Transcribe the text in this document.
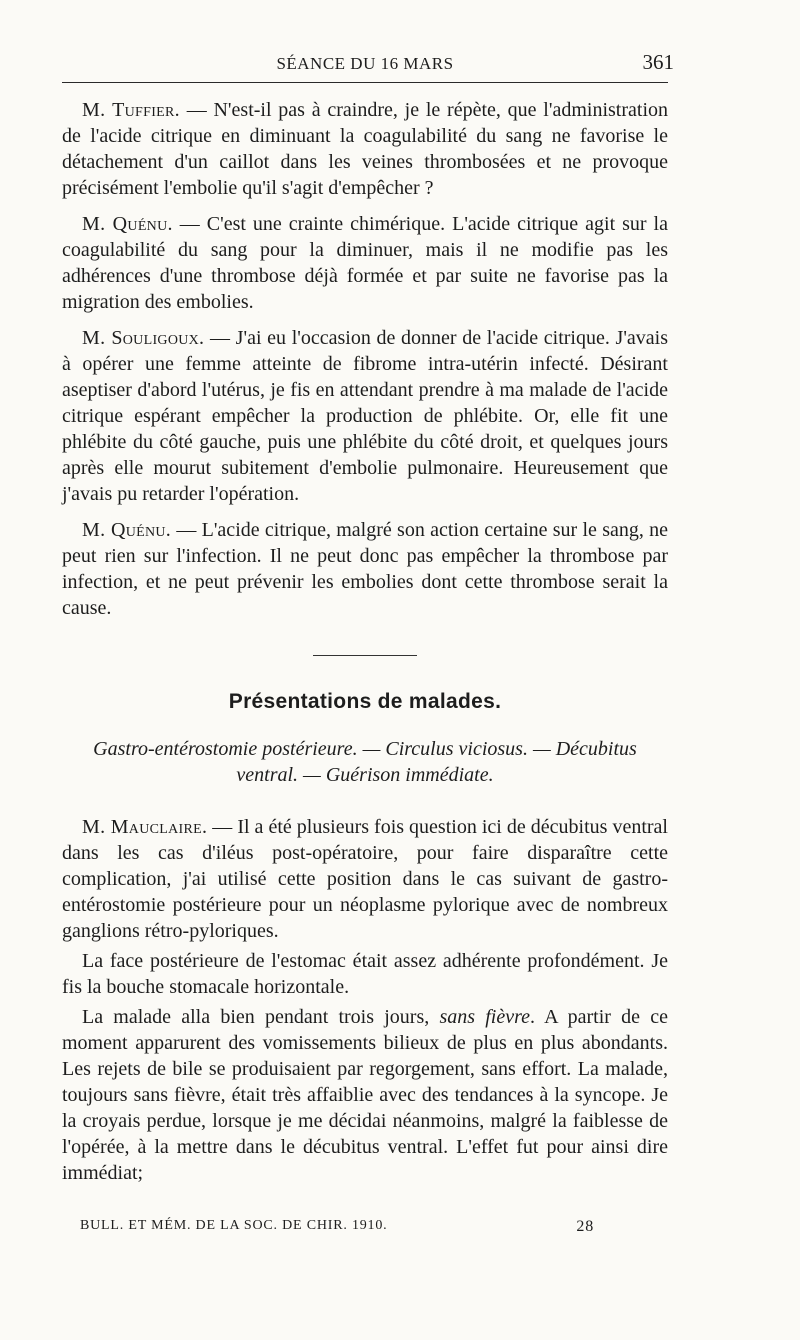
SÉANCE DU 16 MARS	361

M. Tuffier. — N'est-il pas à craindre, je le répète, que l'administration de l'acide citrique en diminuant la coagulabilité du sang ne favorise le détachement d'un caillot dans les veines thrombosées et ne provoque précisément l'embolie qu'il s'agit d'empêcher ?

M. Quénu. — C'est une crainte chimérique. L'acide citrique agit sur la coagulabilité du sang pour la diminuer, mais il ne modifie pas les adhérences d'une thrombose déjà formée et par suite ne favorise pas la migration des embolies.

M. Souligoux. — J'ai eu l'occasion de donner de l'acide citrique. J'avais à opérer une femme atteinte de fibrome intra-utérin infecté. Désirant aseptiser d'abord l'utérus, je fis en attendant prendre à ma malade de l'acide citrique espérant empêcher la production de phlébite. Or, elle fit une phlébite du côté gauche, puis une phlébite du côté droit, et quelques jours après elle mourut subitement d'embolie pulmonaire. Heureusement que j'avais pu retarder l'opération.

M. Quénu. — L'acide citrique, malgré son action certaine sur le sang, ne peut rien sur l'infection. Il ne peut donc pas empêcher la thrombose par infection, et ne peut prévenir les embolies dont cette thrombose serait la cause.

Présentations de malades.
Gastro-entérostomie postérieure. — Circulus viciosus. — Décubitus
ventral. — Guérison immédiate.

M. Mauclaire. — Il a été plusieurs fois question ici de décubitus ventral dans les cas d'iléus post-opératoire, pour faire disparaître cette complication, j'ai utilisé cette position dans le cas suivant de gastro-entérostomie postérieure pour un néoplasme pylorique avec de nombreux ganglions rétro-pyloriques.

La face postérieure de l'estomac était assez adhérente profondément. Je fis la bouche stomacale horizontale.

La malade alla bien pendant trois jours, sans fièvre. A partir de ce moment apparurent des vomissements bilieux de plus en plus abondants. Les rejets de bile se produisaient par regorgement, sans effort. La malade, toujours sans fièvre, était très affaiblie avec des tendances à la syncope. Je la croyais perdue, lorsque je me décidai néanmoins, malgré la faiblesse de l'opérée, à la mettre dans le décubitus ventral. L'effet fut pour ainsi dire immédiat;

BULL. ET MÉM. DE LA SOC. DE CHIR. 1910.	28
